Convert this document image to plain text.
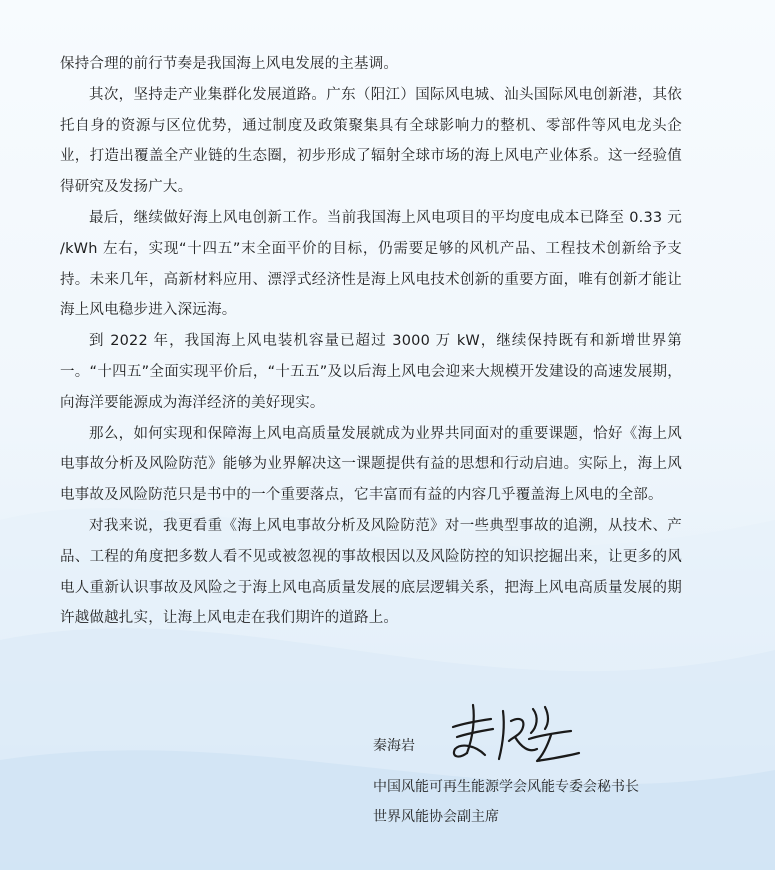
保持合理的前行节奏是我国海上风电发展的主基调。

其次，坚持走产业集群化发展道路。广东（阳江）国际风电城、汕头国际风电创新港，其依托自身的资源与区位优势，通过制度及政策聚集具有全球影响力的整机、零部件等风电龙头企业，打造出覆盖全产业链的生态圈，初步形成了辐射全球市场的海上风电产业体系。这一经验值得研究及发扬广大。

最后，继续做好海上风电创新工作。当前我国海上风电项目的平均度电成本已降至 0.33 元 /kWh 左右，实现“十四五”末全面平价的目标，仍需要足够的风机产品、工程技术创新给予支持。未来几年，高新材料应用、漂浮式经济性是海上风电技术创新的重要方面，唯有创新才能让海上风电稳步进入深远海。

到 2022 年，我国海上风电装机容量已超过 3000 万 kW，继续保持既有和新增世界第一。“十四五”全面实现平价后，“十五五”及以后海上风电会迎来大规模开发建设的高速发展期，向海洋要能源成为海洋经济的美好现实。

那么，如何实现和保障海上风电高质量发展就成为业界共同面对的重要课题，恰好《海上风电事故分析及风险防范》能够为业界解决这一课题提供有益的思想和行动启迪。实际上，海上风电事故及风险防范只是书中的一个重要落点，它丰富而有益的内容几乎覆盖海上风电的全部。

对我来说，我更看重《海上风电事故分析及风险防范》对一些典型事故的追溯，从技术、产品、工程的角度把多数人看不见或被忽视的事故根因以及风险防控的知识挖掘出来，让更多的风电人重新认识事故及风险之于海上风电高质量发展的底层逻辑关系，把海上风电高质量发展的期许越做越扎实，让海上风电走在我们期许的道路上。

秦海岩

中国风能可再生能源学会风能专委会秘书长

世界风能协会副主席
